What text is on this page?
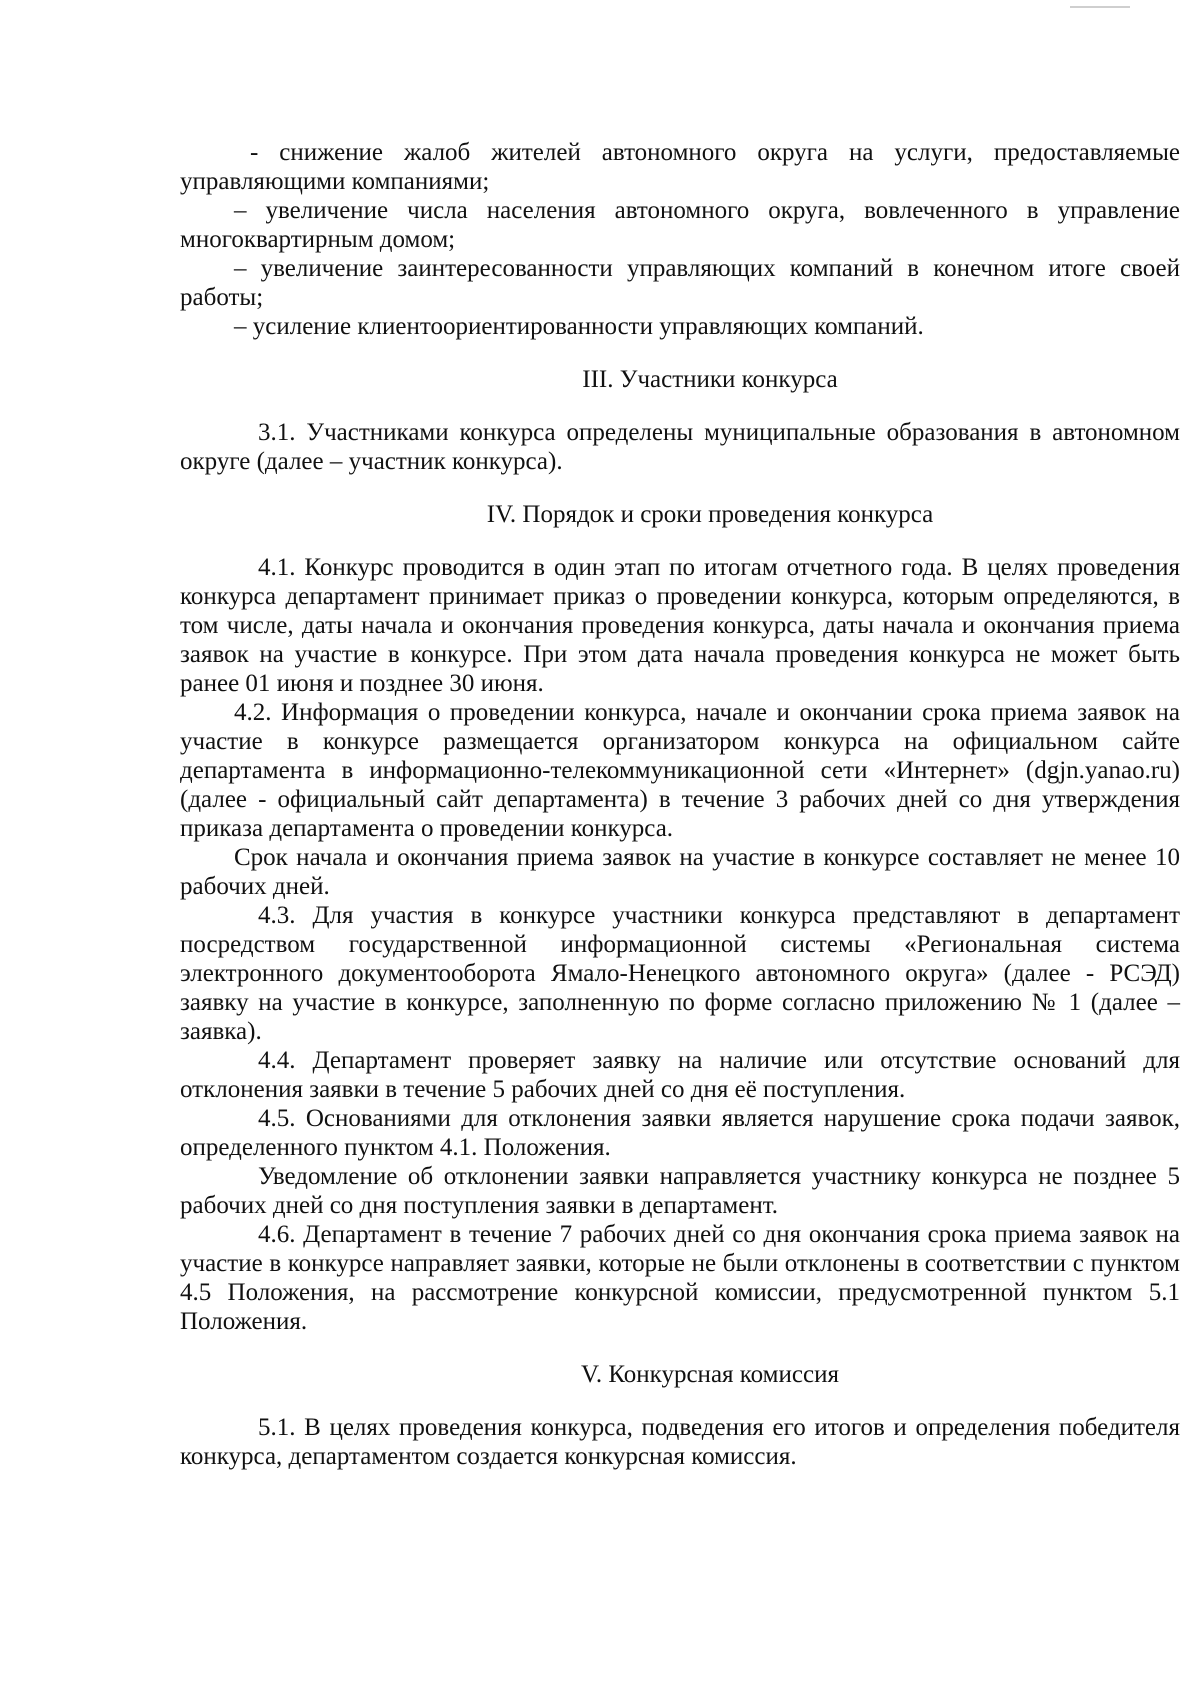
- снижение жалоб жителей автономного округа на услуги, предоставляемые управляющими компаниями;

– увеличение числа населения автономного округа, вовлеченного в управление многоквартирным домом;

– увеличение заинтересованности управляющих компаний в конечном итоге своей работы;

– усиление клиентоориентированности управляющих компаний.

III. Участники конкурса

3.1. Участниками конкурса определены муниципальные образования в автономном округе (далее – участник конкурса).

IV. Порядок и сроки проведения конкурса

4.1. Конкурс проводится в один этап по итогам отчетного года. В целях проведения конкурса департамент принимает приказ о проведении конкурса, которым определяются, в том числе, даты начала и окончания проведения конкурса, даты начала и окончания приема заявок на участие в конкурсе. При этом дата начала проведения конкурса не может быть ранее 01 июня и позднее 30 июня.

4.2. Информация о проведении конкурса, начале и окончании срока приема заявок на участие в конкурсе размещается организатором конкурса на официальном сайте департамента в информационно-телекоммуникационной сети «Интернет» (dgjn.yanao.ru) (далее - официальный сайт департамента) в течение 3 рабочих дней со дня утверждения приказа департамента о проведении конкурса.

Срок начала и окончания приема заявок на участие в конкурсе составляет не менее 10 рабочих дней.

4.3. Для участия в конкурсе участники конкурса представляют в департамент посредством государственной информационной системы «Региональная система электронного документооборота Ямало-Ненецкого автономного округа» (далее - РСЭД) заявку на участие в конкурсе, заполненную по форме согласно приложению № 1 (далее – заявка).

4.4. Департамент проверяет заявку на наличие или отсутствие оснований для отклонения заявки в течение 5 рабочих дней со дня её поступления.

4.5. Основаниями для отклонения заявки является нарушение срока подачи заявок, определенного пунктом 4.1. Положения.

Уведомление об отклонении заявки направляется участнику конкурса не позднее 5 рабочих дней со дня поступления заявки в департамент.

4.6. Департамент в течение 7 рабочих дней со дня окончания срока приема заявок на участие в конкурсе направляет заявки, которые не были отклонены в соответствии с пунктом 4.5 Положения, на рассмотрение конкурсной комиссии, предусмотренной пунктом 5.1 Положения.

V. Конкурсная комиссия

5.1. В целях проведения конкурса, подведения его итогов и определения победителя конкурса, департаментом создается конкурсная комиссия.
